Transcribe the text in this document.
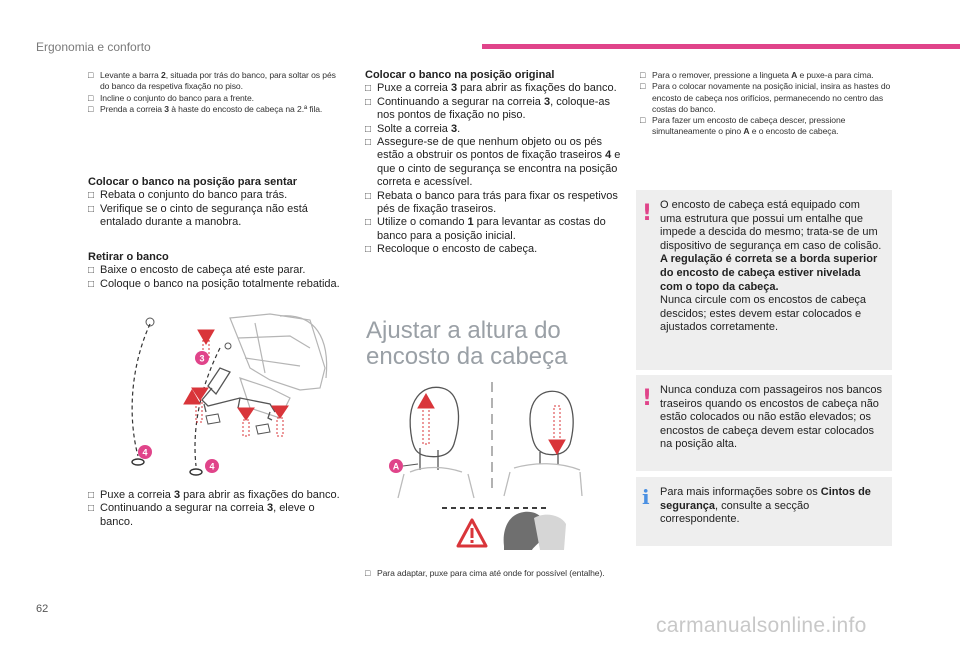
Ergonomia e conforto
□ Levante a barra 2, situada por trás do banco, para soltar os pés do banco da respetiva fixação no piso.
□ Incline o conjunto do banco para a frente.
□ Prenda a correia 3 à haste do encosto de cabeça na 2.ª fila.
Colocar o banco na posição para sentar
□ Rebata o conjunto do banco para trás.
□ Verifique se o cinto de segurança não está entalado durante a manobra.
Retirar o banco
□ Baixe o encosto de cabeça até este parar.
□ Coloque o banco na posição totalmente rebatida.
3
4
4
□ Puxe a correia 3 para abrir as fixações do banco.
□ Continuando a segurar na correia 3, eleve o banco.
Colocar o banco na posição original
□ Puxe a correia 3 para abrir as fixações do banco.
□ Continuando a segurar na correia 3, coloque-as nos pontos de fixação no piso.
□ Solte a correia 3.
□ Assegure-se de que nenhum objeto ou os pés estão a obstruir os pontos de fixação traseiros 4 e que o cinto de segurança se encontra na posição correta e acessível.
□ Rebata o banco para trás para fixar os respetivos pés de fixação traseiros.
□ Utilize o comando 1 para levantar as costas do banco para a posição inicial.
□ Recoloque o encosto de cabeça.
Ajustar a altura do
encosto da cabeça
A
□ Para adaptar, puxe para cima até onde for possível (entalhe).
□ Para o remover, pressione a lingueta A e puxe-a para cima.
□ Para o colocar novamente na posição inicial, insira as hastes do encosto de cabeça nos orifícios, permanecendo no centro das costas do banco.
□ Para fazer um encosto de cabeça descer, pressione simultaneamente o pino A e o encosto de cabeça.
! O encosto de cabeça está equipado com uma estrutura que possui um entalhe que impede a descida do mesmo; trata-se de um dispositivo de segurança em caso de colisão.
A regulação é correta se a borda superior do encosto de cabeça estiver nivelada com o topo da cabeça.
Nunca circule com os encostos de cabeça descidos; estes devem estar colocados e ajustados corretamente.
! Nunca conduza com passageiros nos bancos traseiros quando os encostos de cabeça não estão colocados ou não estão elevados; os encostos de cabeça devem estar colocados na posição alta.
i Para mais informações sobre os Cintos de segurança, consulte a secção correspondente.
62
carmanualsonline.info
